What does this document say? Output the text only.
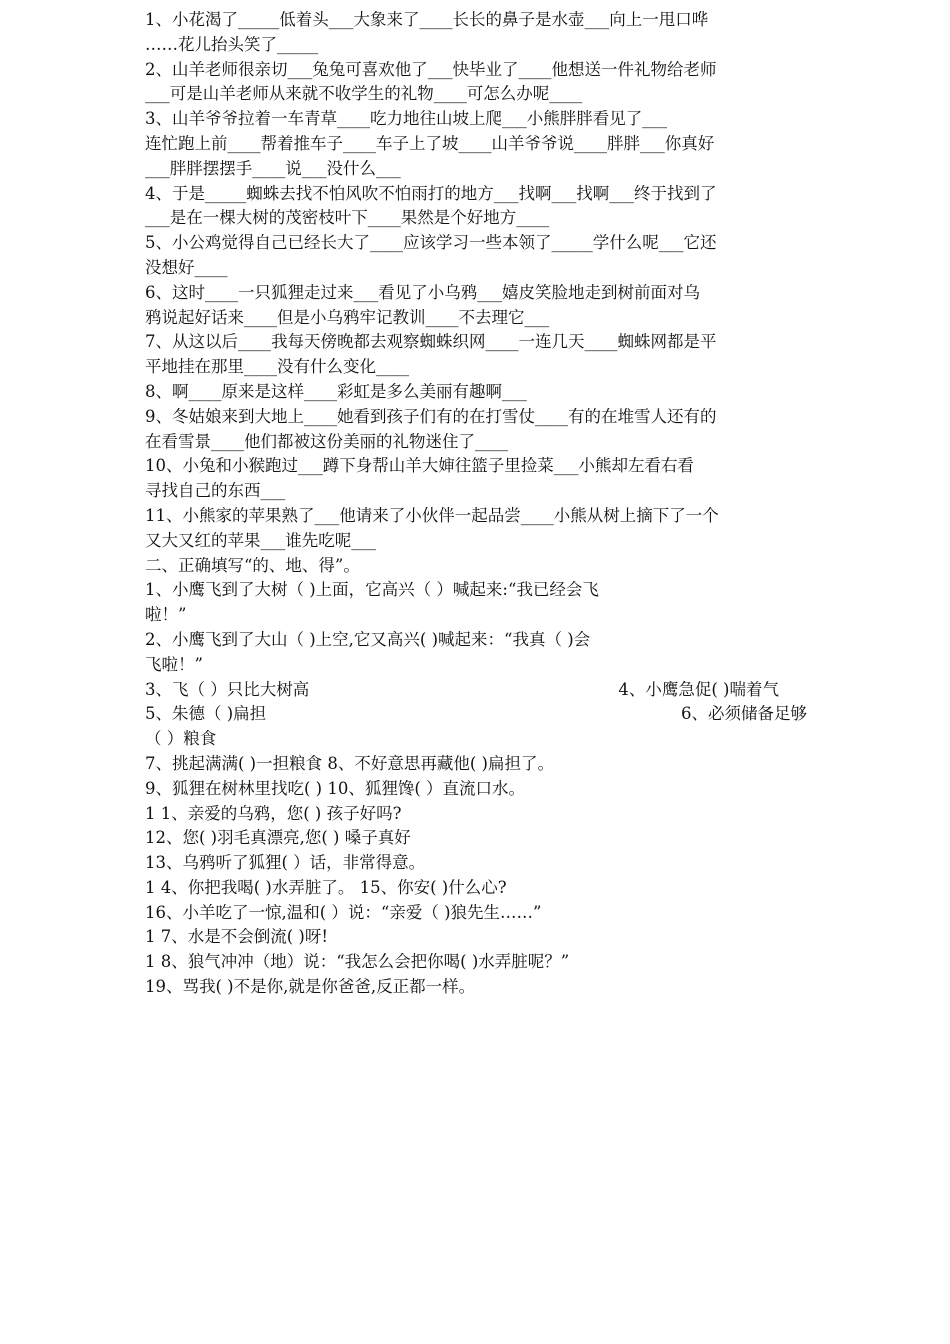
1、小花渴了_____低着头___大象来了____长长的鼻子是水壶___向上一甩口哗
……花儿抬头笑了_____
2、山羊老师很亲切___兔兔可喜欢他了___快毕业了____他想送一件礼物给老师
___可是山羊老师从来就不收学生的礼物____可怎么办呢____
3、山羊爷爷拉着一车青草____吃力地往山坡上爬___小熊胖胖看见了___
连忙跑上前____帮着推车子____车子上了坡____山羊爷爷说____胖胖___你真好
___胖胖摆摆手____说___没什么___
4、于是_____蜘蛛去找不怕风吹不怕雨打的地方___找啊___找啊___终于找到了
___是在一棵大树的茂密枝叶下____果然是个好地方____
5、小公鸡觉得自己已经长大了____应该学习一些本领了_____学什么呢___它还
没想好____
6、这时____一只狐狸走过来___看见了小乌鸦___嬉皮笑脸地走到树前面对乌
鸦说起好话来____但是小乌鸦牢记教训____不去理它___
7、从这以后____我每天傍晚都去观察蜘蛛织网____一连几天____蜘蛛网都是平
平地挂在那里____没有什么变化____
8、啊____原来是这样____彩虹是多么美丽有趣啊___
9、冬姑娘来到大地上____她看到孩子们有的在打雪仗____有的在堆雪人还有的
在看雪景____他们都被这份美丽的礼物迷住了____
10、小兔和小猴跑过___蹲下身帮山羊大婶往篮子里捡菜___小熊却左看右看
寻找自己的东西___
11、小熊家的苹果熟了___他请来了小伙伴一起品尝____小熊从树上摘下了一个
又大又红的苹果___谁先吃呢___
二、正确填写“的、地、得”。
1、小鹰飞到了大树（ )上面，它高兴（ ）喊起来:“我已经会飞
啦！”
2、小鹰飞到了大山（ )上空,它又高兴( )喊起来：“我真（ )会
飞啦！”
3、飞（ ）只比大树高	4、小鹰急促( )喘着气
5、朱德（ )扁担	6、必须储备足够
（ ）粮食
7、挑起满满( )一担粮食 8、不好意思再藏他( )扁担了。
9、狐狸在树林里找吃( ) 10、狐狸馋( ）直流口水。
1 1、亲爱的乌鸦，您( ) 孩子好吗?
12、您( )羽毛真漂亮,您( ) 嗓子真好
13、乌鸦听了狐狸( ）话，非常得意。
1 4、你把我喝( )水弄脏了。 15、你安( )什么心?
16、小羊吃了一惊,温和( ）说：“亲爱（ )狼先生……”
1 7、水是不会倒流( )呀!
1 8、狼气冲冲（地）说：“我怎么会把你喝( )水弄脏呢？”
19、骂我( )不是你,就是你爸爸,反正都一样。
